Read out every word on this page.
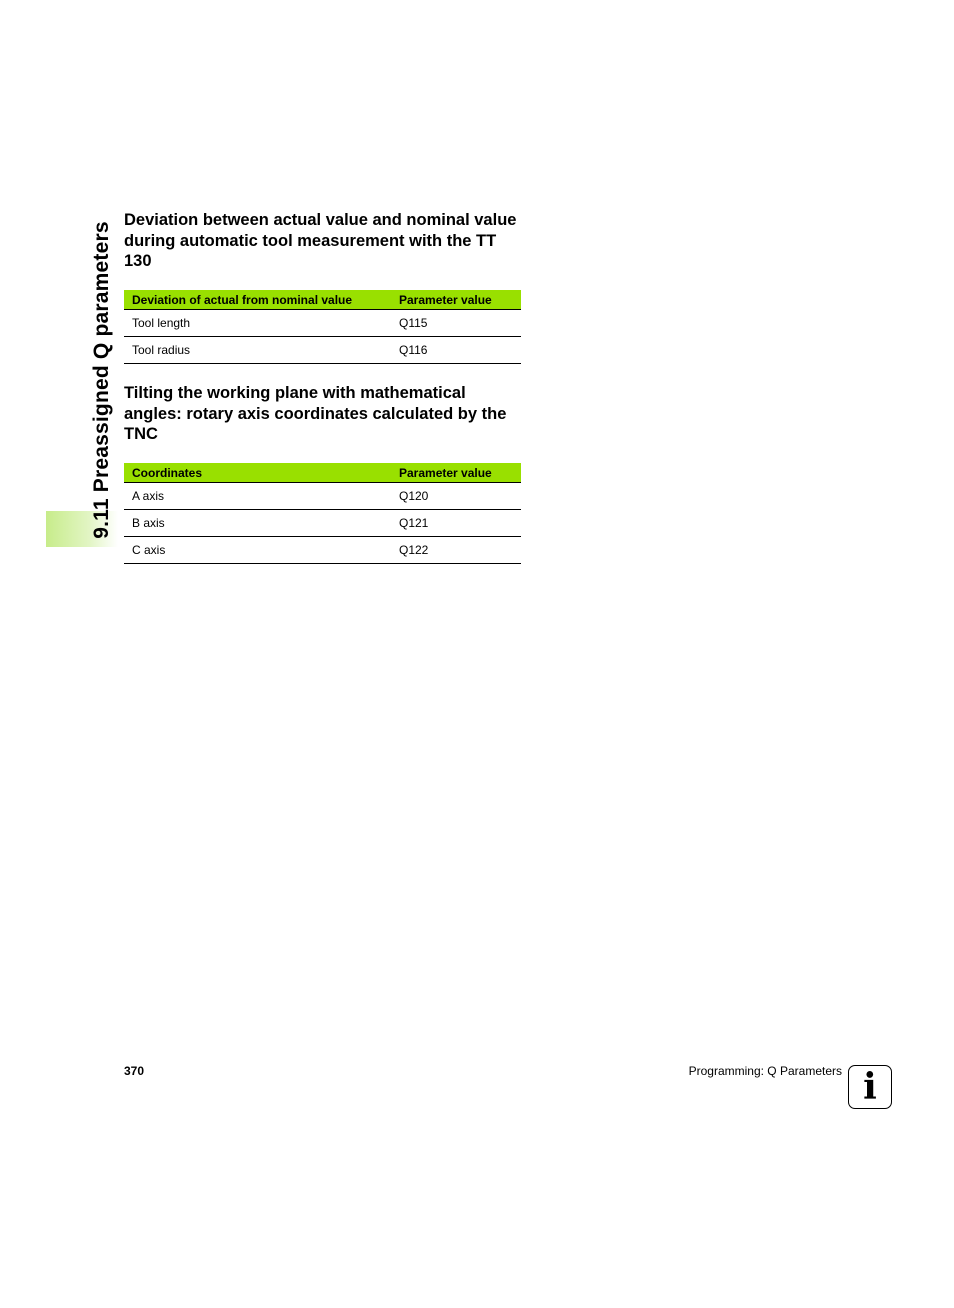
9.11 Preassigned Q parameters
Deviation between actual value and nominal value during automatic tool measurement with the TT 130
Deviation of actual from nominal value	Parameter value
Tool length	Q115
Tool radius	Q116
Tilting the working plane with mathematical angles: rotary axis coordinates calculated by the TNC
Coordinates	Parameter value
A axis	Q120
B axis	Q121
C axis	Q122
370	Programming: Q Parameters i
